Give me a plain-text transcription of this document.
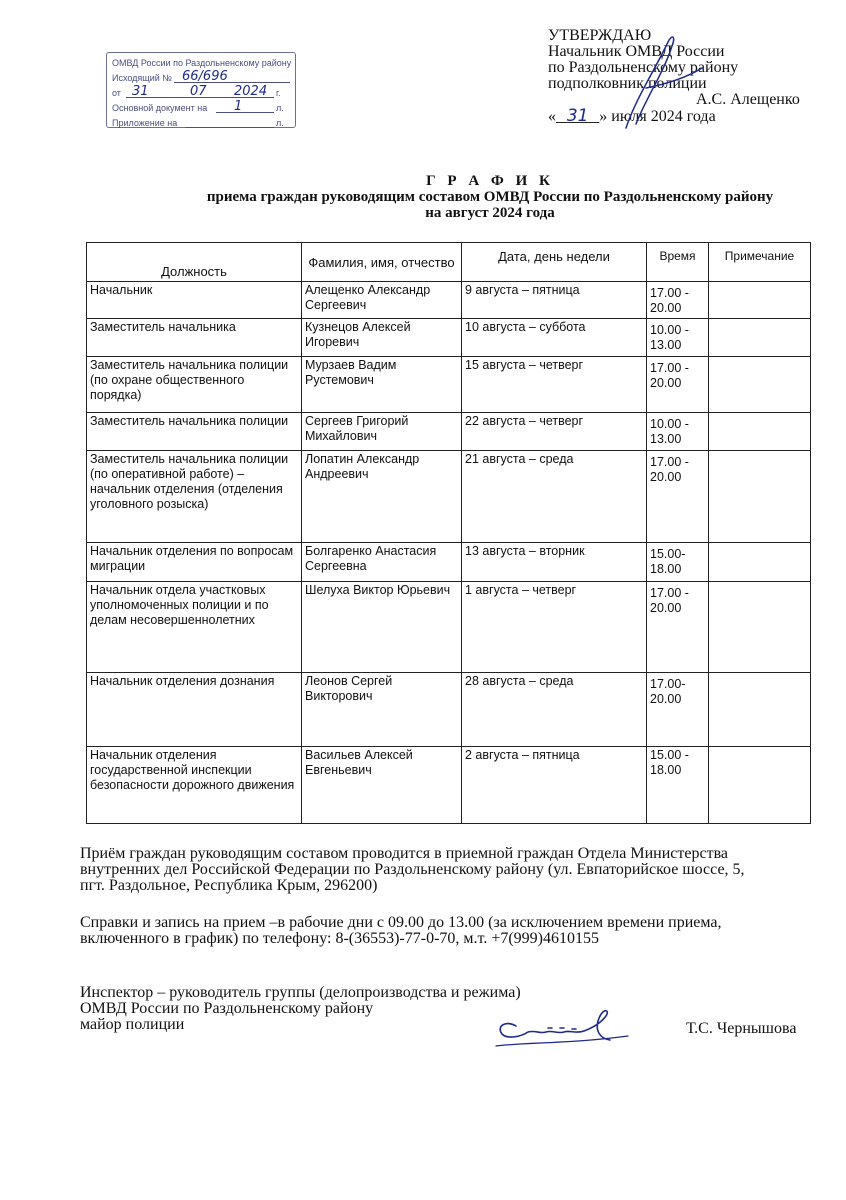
ОМВД России по Раздольненскому району
Исходящий № 66/696
от 31	07 2024 г.
Основной документ на 1	л.
Приложение на	л.
УТВЕРЖДАЮ
Начальник ОМВД России
по Раздольненскому району
подполковник полиции
А.С. Алещенко
« 31 » июля 2024 года
Г Р А Ф И К
приема граждан руководящим составом ОМВД России по Раздольненскому району
на август 2024 года
Должность	Фамилия, имя, отчество	Дата, день недели	Время	Примечание
Начальник	Алещенко Александр Сергеевич	9 августа – пятница	17.00 - 20.00	
Заместитель начальника	Кузнецов Алексей Игоревич	10 августа – суббота	10.00 - 13.00	
Заместитель начальника полиции (по охране общественного порядка)	Мурзаев Вадим Рустемович	15 августа – четверг	17.00 - 20.00	
Заместитель начальника полиции	Сергеев Григорий Михайлович	22 августа – четверг	10.00 - 13.00	
Заместитель начальника полиции (по оперативной работе) – начальник отделения (отделения уголовного розыска)	Лопатин Александр Андреевич	21 августа – среда	17.00 - 20.00	
Начальник отделения по вопросам миграции	Болгаренко Анастасия Сергеевна	13 августа – вторник	15.00- 18.00	
Начальник отдела участковых уполномоченных полиции и по делам несовершеннолетних	Шелуха Виктор Юрьевич	1 августа – четверг	17.00 - 20.00	
Начальник отделения дознания	Леонов Сергей Викторович	28 августа – среда	17.00- 20.00	
Начальник отделения государственной инспекции безопасности дорожного движения	Васильев Алексей Евгеньевич	2 августа – пятница	15.00 - 18.00	
Приём граждан руководящим составом проводится в приемной граждан Отдела Министерства внутренних дел Российской Федерации по Раздольненскому району (ул. Евпаторийское шоссе, 5, пгт. Раздольное, Республика Крым, 296200)
Справки и запись на прием –в рабочие дни с 09.00 до 13.00 (за исключением времени приема, включенного в график) по телефону: 8-(36553)-77-0-70, м.т. +7(999)4610155
Инспектор – руководитель группы (делопроизводства и режима)
ОМВД России по Раздольненскому району
майор полиции	Т.С. Чернышова
